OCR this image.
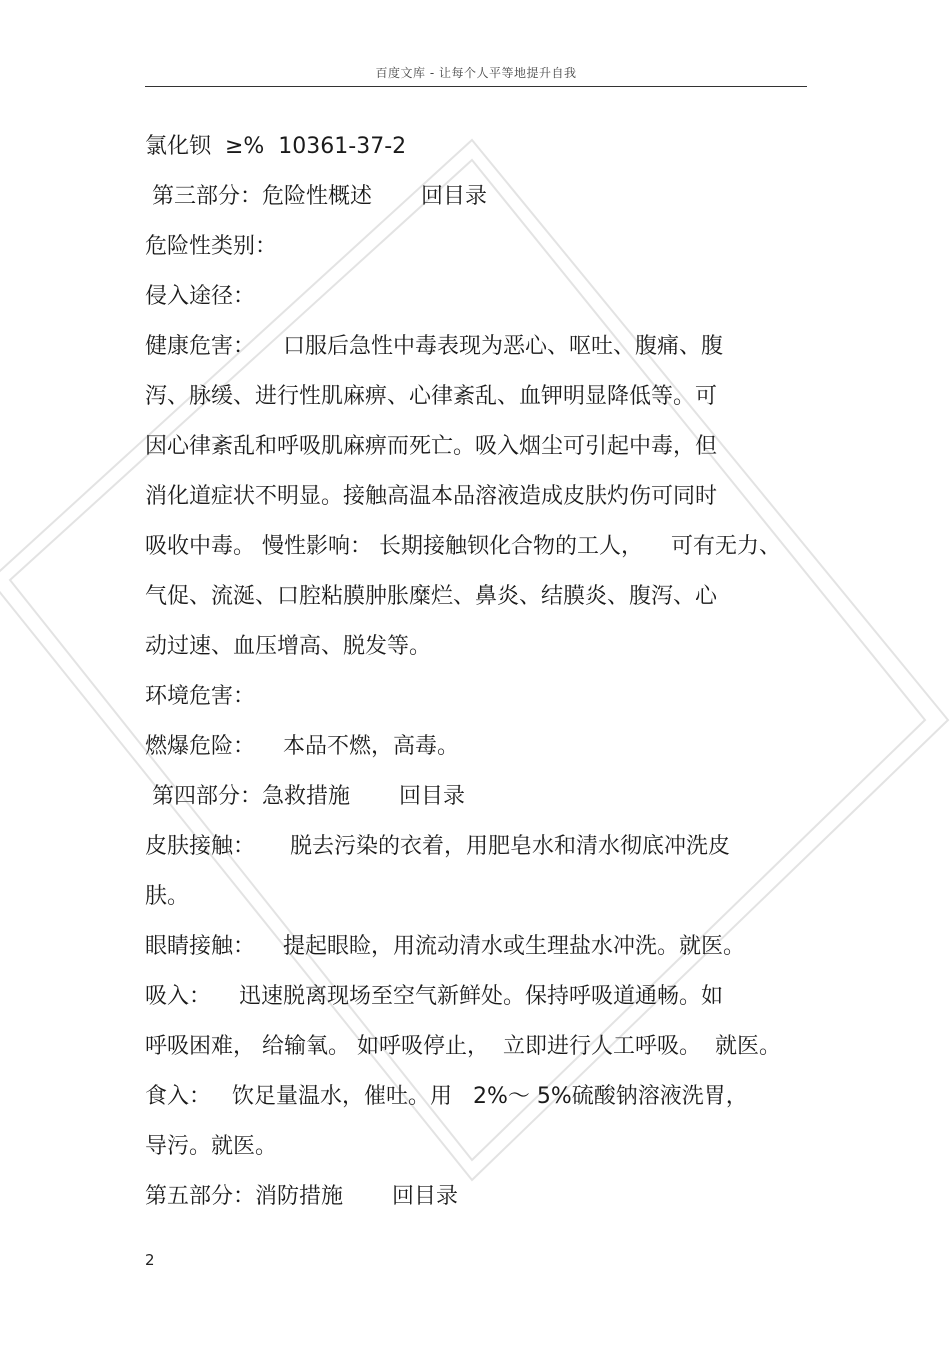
百度文库 - 让每个人平等地提升自我
氯化钡  ≥%  10361-37-2
第三部分：危险性概述       回目录
危险性类别：
侵入途径：
健康危害：    口服后急性中毒表现为恶心、呕吐、腹痛、腹
泻、脉缓、进行性肌麻痹、心律紊乱、血钾明显降低等。可
因心律紊乱和呼吸肌麻痹而死亡。吸入烟尘可引起中毒，但
消化道症状不明显。接触高温本品溶液造成皮肤灼伤可同时
吸收中毒。 慢性影响： 长期接触钡化合物的工人，    可有无力、
气促、流涎、口腔粘膜肿胀糜烂、鼻炎、结膜炎、腹泻、心
动过速、血压增高、脱发等。
环境危害：
燃爆危险：    本品不燃，高毒。
第四部分：急救措施       回目录
皮肤接触：     脱去污染的衣着，用肥皂水和清水彻底冲洗皮
肤。
眼睛接触：    提起眼睑，用流动清水或生理盐水冲洗。就医。
吸入：    迅速脱离现场至空气新鲜处。保持呼吸道通畅。如
呼吸困难， 给输氧。 如呼吸停止，  立即进行人工呼吸。  就医。
食入：   饮足量温水，催吐。用   2%～ 5%硫酸钠溶液洗胃，
导污。就医。
第五部分：消防措施       回目录
2
